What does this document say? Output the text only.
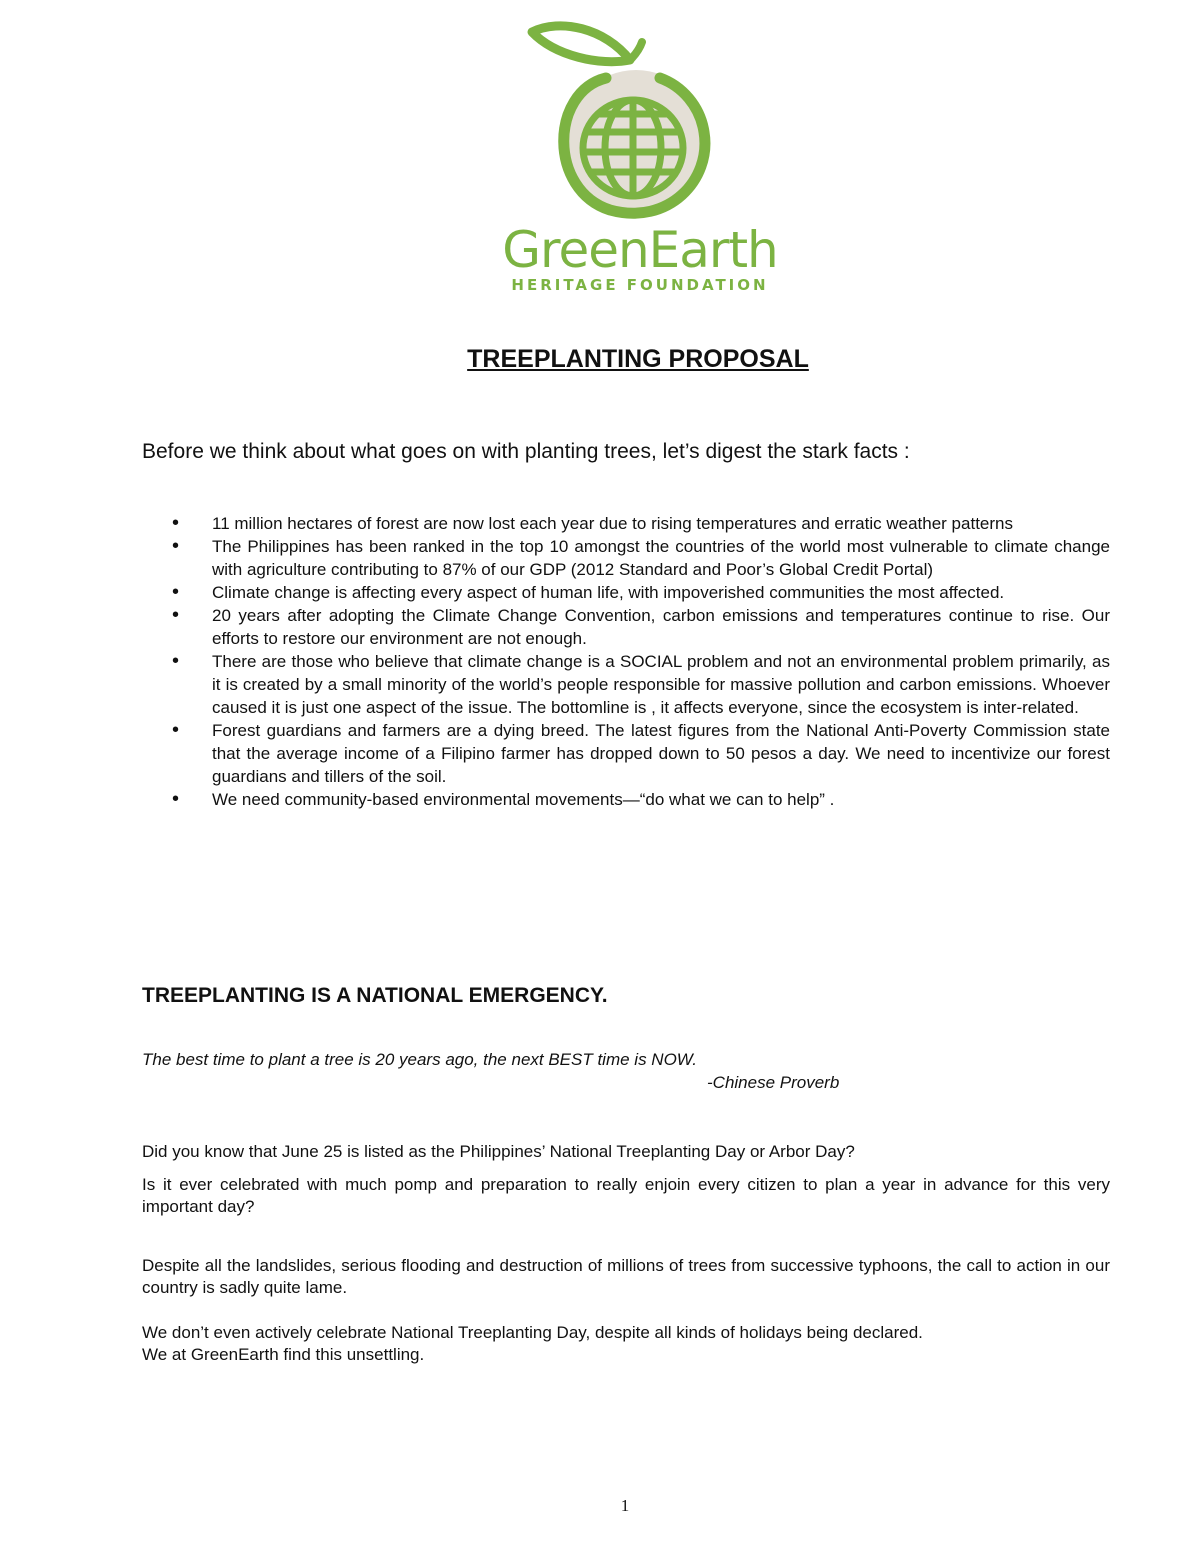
GreenEarth
HERITAGE FOUNDATION
TREEPLANTING PROPOSAL

Before we think about what goes on with planting trees, let’s digest the stark facts :

• 11 million hectares of forest are now lost each year due to rising temperatures and erratic weather patterns
• The Philippines has been ranked in the top 10 amongst the countries of the world most vulnerable to climate change with agriculture contributing to 87% of our GDP (2012 Standard and Poor’s Global Credit Portal)
• Climate change is affecting every aspect of human life, with impoverished communities the most affected.
• 20 years after adopting the Climate Change Convention, carbon emissions and temperatures continue to rise. Our efforts to restore our environment are not enough.
• There are those who believe that climate change is a SOCIAL problem and not an environmental problem primarily, as it is created by a small minority of the world’s people responsible for massive pollution and carbon emissions. Whoever caused it is just one aspect of the issue. The bottomline is , it affects everyone, since the ecosystem is inter-related.
• Forest guardians and farmers are a dying breed. The latest figures from the National Anti-Poverty Commission state that the average income of a Filipino farmer has dropped down to 50 pesos a day. We need to incentivize our forest guardians and tillers of the soil.
• We need community-based environmental movements—“do what we can to help” .
TREEPLANTING IS A NATIONAL EMERGENCY.

The best time to plant a tree is 20 years ago, the next BEST time is NOW.

-Chinese Proverb

Did you know that June 25 is listed as the Philippines’ National Treeplanting Day or Arbor Day?

Is it ever celebrated with much pomp and preparation to really enjoin every citizen to plan a year in advance for this very important day?

Despite all the landslides, serious flooding and destruction of millions of trees from successive typhoons, the call to action in our country is sadly quite lame.

We don’t even actively celebrate National Treeplanting Day, despite all kinds of holidays being declared.

We at GreenEarth find this unsettling.

1
